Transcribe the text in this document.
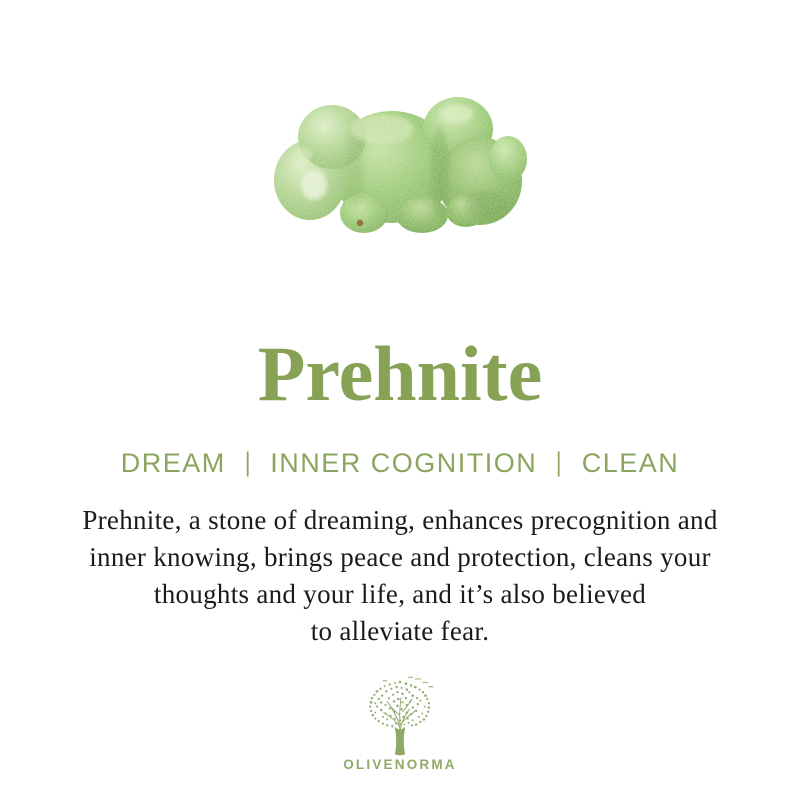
Prehnite
DREAM | INNER COGNITION | CLEAN
Prehnite, a stone of dreaming, enhances precognition and
inner knowing, brings peace and protection, cleans your
thoughts and your life, and it’s also believed
to alleviate fear.
OLIVENORMA
